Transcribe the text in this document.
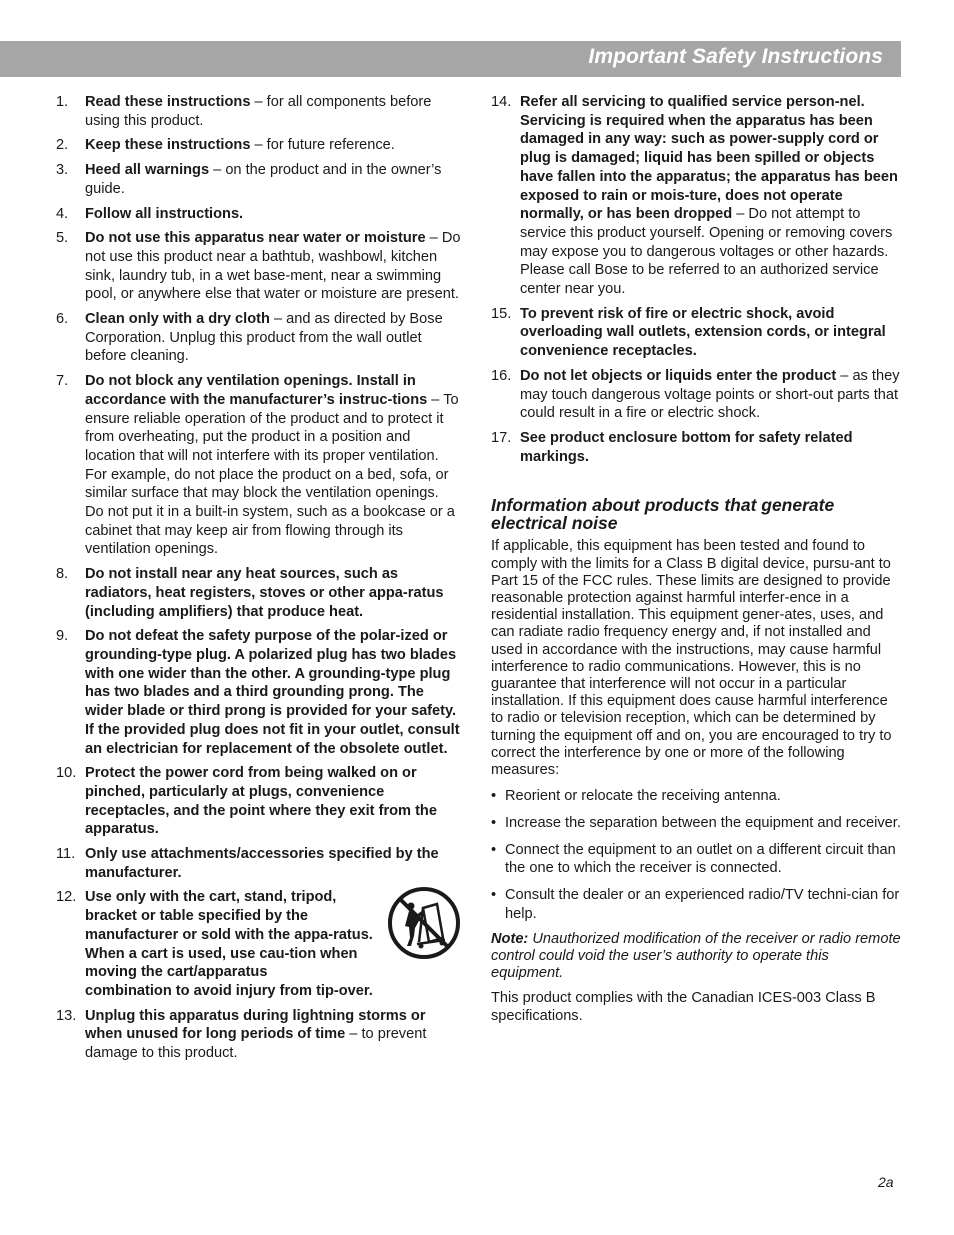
Important Safety Instructions
1.	Read these instructions – for all components before using this product.
2.	Keep these instructions – for future reference.
3.	Heed all warnings – on the product and in the owner’s guide.
4.	Follow all instructions.
5.	Do not use this apparatus near water or moisture – Do not use this product near a bathtub, washbowl, kitchen sink, laundry tub, in a wet base-ment, near a swimming pool, or anywhere else that water or moisture are present.
6.	Clean only with a dry cloth – and as directed by Bose Corporation. Unplug this product from the wall outlet before cleaning.
7.	Do not block any ventilation openings. Install in accordance with the manufacturer’s instruc-tions – To ensure reliable operation of the product and to protect it from overheating, put the product in a position and location that will not interfere with its proper ventilation. For example, do not place the product on a bed, sofa, or similar surface that may block the ventilation openings. Do not put it in a built-in system, such as a bookcase or a cabinet that may keep air from flowing through its ventilation openings.
8.	Do not install near any heat sources, such as radiators, heat registers, stoves or other appa-ratus (including amplifiers) that produce heat.
9.	Do not defeat the safety purpose of the polar-ized or grounding-type plug. A polarized plug has two blades with one wider than the other. A grounding-type plug has two blades and a third grounding prong. The wider blade or third prong is provided for your safety. If the provided plug does not fit in your outlet, consult an electrician for replacement of the obsolete outlet.
10. Protect the power cord from being walked on or pinched, particularly at plugs, convenience receptacles, and the point where they exit from the apparatus.
11. Only use attachments/accessories specified by the manufacturer.
12. Use only with the cart, stand, tripod, bracket or table specified by the manufacturer or sold with the appa-ratus. When a cart is used, use cau-tion when moving the cart/apparatus
combination to avoid injury from tip-over.
13. Unplug this apparatus during lightning storms or when unused for long periods of time – to prevent damage to this product.
14. Refer all servicing to qualified service person-nel. Servicing is required when the apparatus has been damaged in any way: such as power-supply cord or plug is damaged; liquid has been spilled or objects have fallen into the apparatus; the apparatus has been exposed to rain or mois-ture, does not operate normally, or has been dropped – Do not attempt to service this product yourself. Opening or removing covers may expose you to dangerous voltages or other hazards. Please call Bose to be referred to an authorized service center near you.
15. To prevent risk of fire or electric shock, avoid overloading wall outlets, extension cords, or integral convenience receptacles.
16. Do not let objects or liquids enter the product – as they may touch dangerous voltage points or short-out parts that could result in a fire or electric shock.
17. See product enclosure bottom for safety related markings.
Information about products that generate electrical noise

If applicable, this equipment has been tested and found to comply with the limits for a Class B digital device, pursu-ant to Part 15 of the FCC rules. These limits are designed to provide reasonable protection against harmful interfer-ence in a residential installation. This equipment gener-ates, uses, and can radiate radio frequency energy and, if not installed and used in accordance with the instructions, may cause harmful interference to radio communications. However, this is no guarantee that interference will not occur in a particular installation. If this equipment does cause harmful interference to radio or television reception, which can be determined by turning the equipment off and on, you are encouraged to try to correct the interference by one or more of the following measures:

• Reorient or relocate the receiving antenna.
• Increase the separation between the equipment and receiver.
• Connect the equipment to an outlet on a different circuit than the one to which the receiver is connected.
• Consult the dealer or an experienced radio/TV techni-cian for help.

Note: Unauthorized modification of the receiver or radio remote control could void the user’s authority to operate this equipment.

This product complies with the Canadian ICES-003 Class B specifications.

2a
